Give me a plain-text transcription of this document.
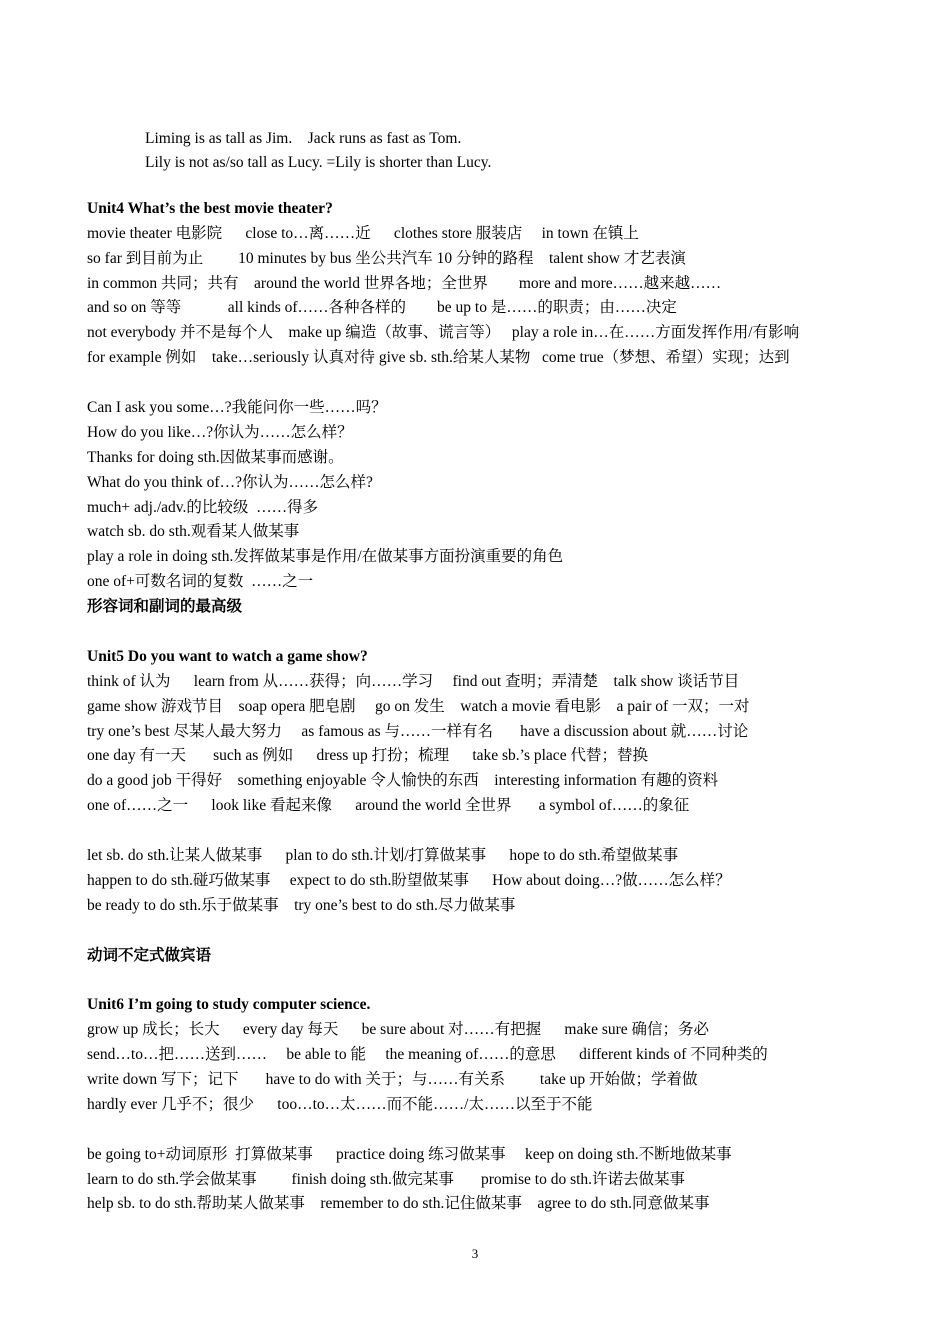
Liming is as tall as Jim.    Jack runs as fast as Tom.
Lily is not as/so tall as Lucy. =Lily is shorter than Lucy.
Unit4 What’s the best movie theater?
movie theater 电影院      close to…离……近      clothes store 服装店     in town 在镇上
so far 到目前为止         10 minutes by bus 坐公共汽车 10 分钟的路程    talent show 才艺表演
in common 共同；共有    around the world 世界各地；全世界        more and more……越来越……
and so on 等等            all kinds of……各种各样的        be up to 是……的职责；由……决定
not everybody 并不是每个人    make up 编造（故事、谎言等）   play a role in…在……方面发挥作用/有影响
for example 例如    take…seriously 认真对待 give sb. sth.给某人某物   come true（梦想、希望）实现；达到
Can I ask you some…?我能问你一些……吗？
How do you like…?你认为……怎么样？
Thanks for doing sth.因做某事而感谢。
What do you think of…?你认为……怎么样?
much+ adj./adv.的比较级  ……得多
watch sb. do sth.观看某人做某事
play a role in doing sth.发挥做某事是作用/在做某事方面扮演重要的角色
one of+可数名词的复数  ……之一
形容词和副词的最高级
Unit5 Do you want to watch a game show?
think of 认为      learn from 从……获得；向……学习     find out 查明；弄清楚    talk show 谈话节目
game show 游戏节目    soap opera 肥皂剧     go on 发生    watch a movie 看电影    a pair of 一双；一对
try one’s best 尽某人最大努力     as famous as 与……一样有名       have a discussion about 就……讨论
one day 有一天       such as 例如      dress up 打扮；梳理      take sb.’s place 代替；替换
do a good job 干得好    something enjoyable 令人愉快的东西    interesting information 有趣的资料
one of……之一      look like 看起来像      around the world 全世界       a symbol of……的象征
let sb. do sth.让某人做某事      plan to do sth.计划/打算做某事      hope to do sth.希望做某事
happen to do sth.碰巧做某事     expect to do sth.盼望做某事      How about doing…?做……怎么样？
be ready to do sth.乐于做某事    try one’s best to do sth.尽力做某事
动词不定式做宾语
Unit6 I’m going to study computer science.
grow up 成长；长大      every day 每天      be sure about 对……有把握      make sure 确信；务必
send…to…把……送到……     be able to 能     the meaning of……的意思      different kinds of 不同种类的
write down 写下；记下       have to do with 关于；与……有关系         take up 开始做；学着做
hardly ever 几乎不；很少      too…to…太……而不能……/太……以至于不能
be going to+动词原形  打算做某事      practice doing 练习做某事     keep on doing sth.不断地做某事
learn to do sth.学会做某事         finish doing sth.做完某事       promise to do sth.许诺去做某事
help sb. to do sth.帮助某人做某事    remember to do sth.记住做某事    agree to do sth.同意做某事
3
